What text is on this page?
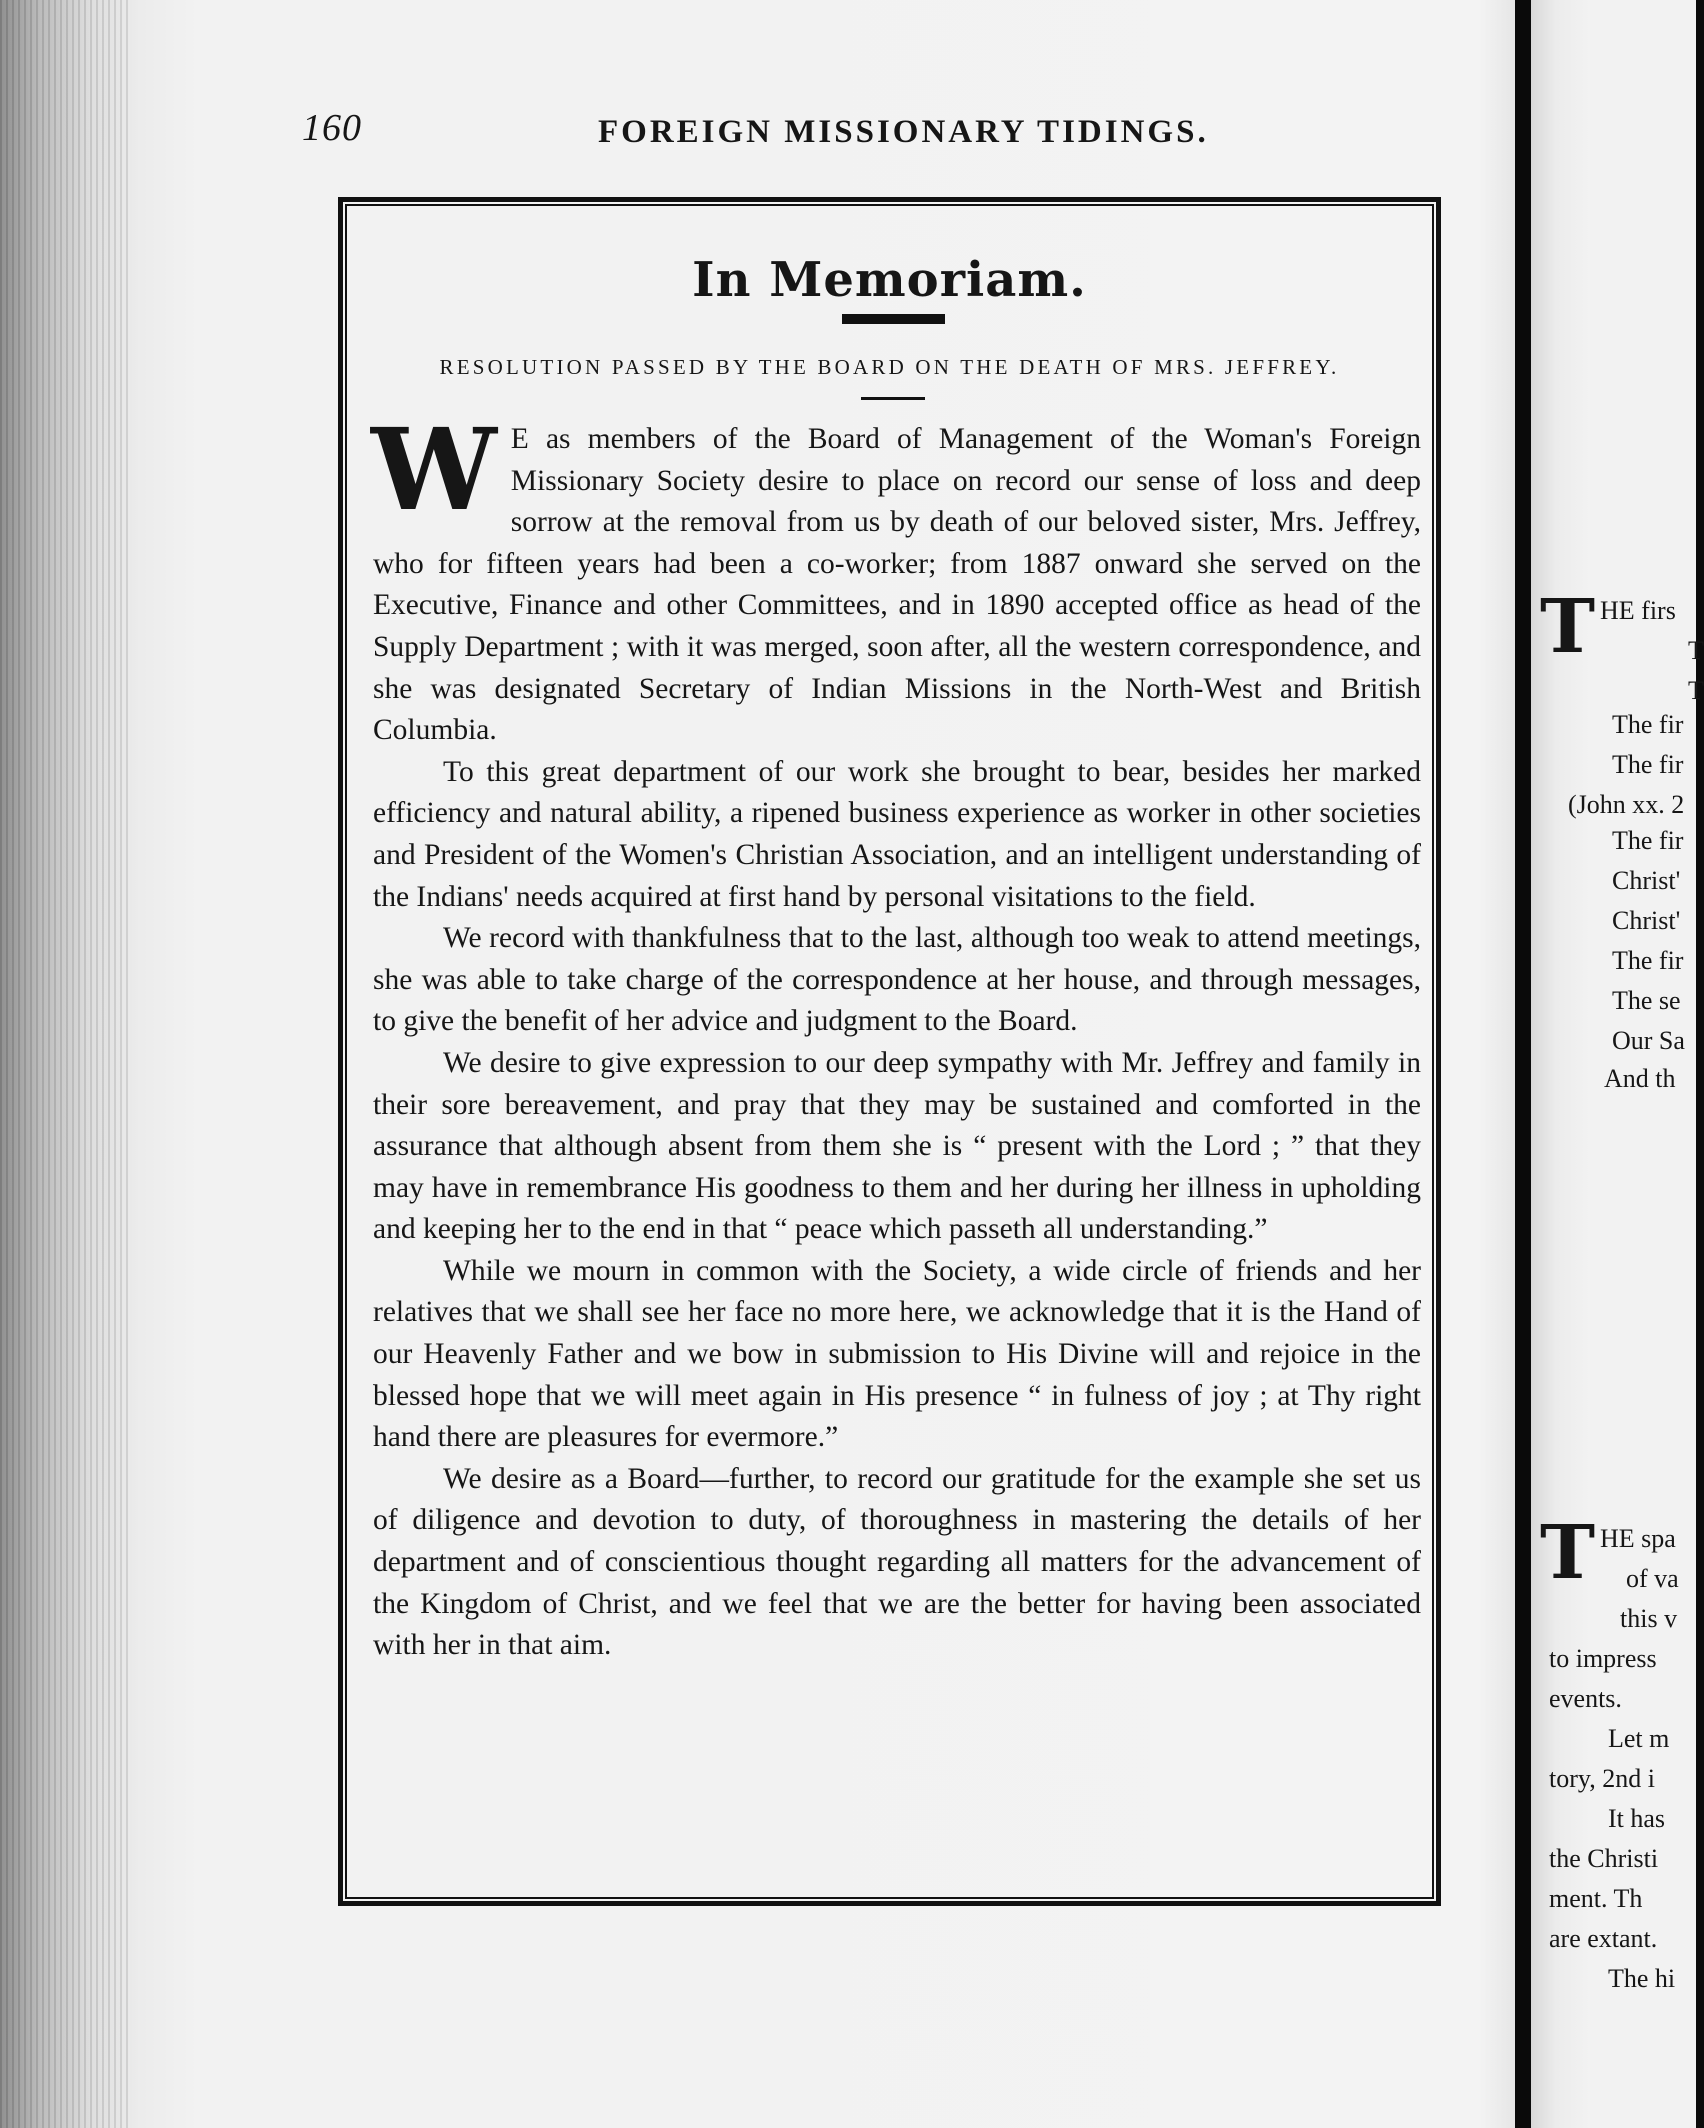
160	FOREIGN MISSIONARY TIDINGS.
In Memoriam.
RESOLUTION PASSED BY THE BOARD ON THE DEATH OF MRS. JEFFREY.

W E as members of the Board of Management of the Woman's Foreign Missionary Society desire to place on record our sense of loss and deep sorrow at the removal from us by death of our beloved sister, Mrs. Jeffrey, who for fifteen years had been a co-worker; from 1887 onward she served on the Executive, Finance and other Committees, and in 1890 accepted office as head of the Supply Department ; with it was merged, soon after, all the western correspondence, and she was designated Secretary of Indian Missions in the North-West and British Columbia.

To this great department of our work she brought to bear, besides her marked efficiency and natural ability, a ripened business experience as worker in other societies and President of the Women's Christian Association, and an intelligent understanding of the Indians' needs acquired at first hand by personal visitations to the field.

We record with thankfulness that to the last, although too weak to attend meetings, she was able to take charge of the correspondence at her house, and through messages, to give the benefit of her advice and judgment to the Board.

We desire to give expression to our deep sympathy with Mr. Jeffrey and family in their sore bereavement, and pray that they may be sustained and comforted in the assurance that although absent from them she is “ present with the Lord ; ” that they may have in remembrance His goodness to them and her during her illness in upholding and keeping her to the end in that “ peace which passeth all understanding.”

While we mourn in common with the Society, a wide circle of friends and her relatives that we shall see her face no more here, we acknowledge that it is the Hand of our Heavenly Father and we bow in submission to His Divine will and rejoice in the blessed hope that we will meet again in His presence “ in fulness of joy ; at Thy right hand there are pleasures for evermore.”

We desire as a Board—further, to record our gratitude for the example she set us of diligence and devotion to duty, of thoroughness in mastering the details of her department and of conscientious thought regarding all matters for the advancement of the Kingdom of Christ, and we feel that we are the better for having been associated with her in that aim.

T HE firs
T
T
The fir
The fir
(John xx. 2
The fir
Christ'
Christ'
The fir
The se
Our Sa
And th
T HE spa
of va
this v
to impress
events.
Let m
tory, 2nd i
It has
the Christi
ment. Th
are extant.
The hi
